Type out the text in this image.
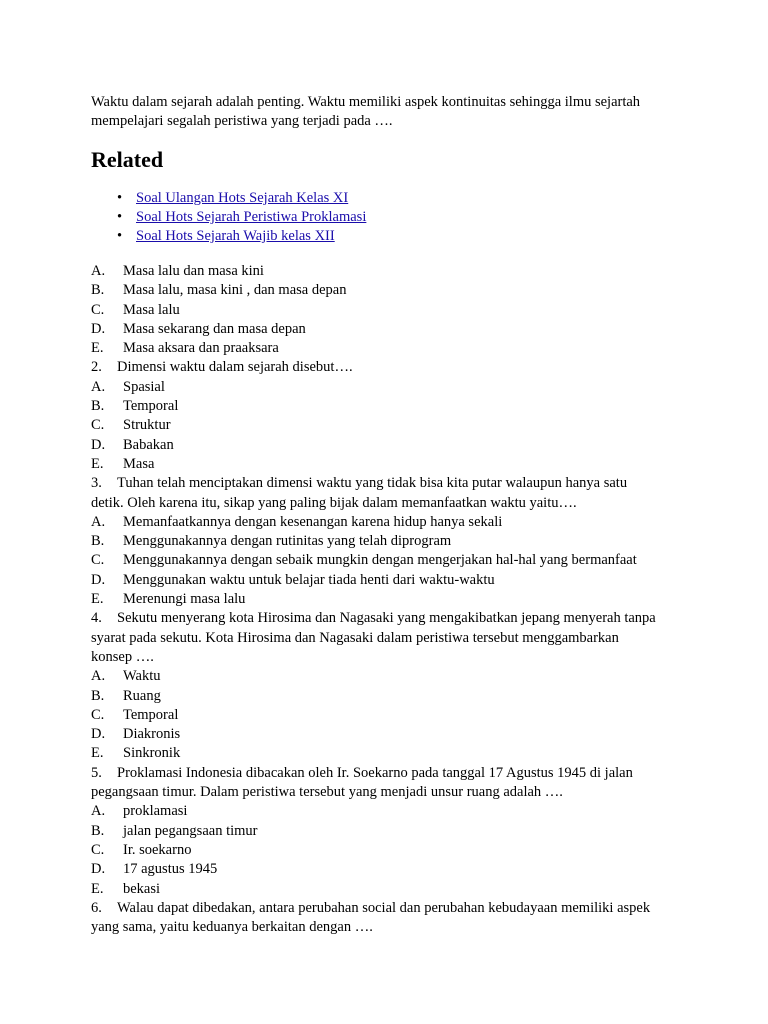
Waktu dalam sejarah adalah penting. Waktu memiliki aspek kontinuitas sehingga ilmu sejartah
mempelajari segalah peristiwa yang terjadi pada ….
Related
• Soal Ulangan Hots Sejarah Kelas XI
• Soal Hots Sejarah Peristiwa Proklamasi
• Soal Hots Sejarah Wajib kelas XII
A. Masa lalu dan masa kini
B. Masa lalu, masa kini , dan masa depan
C. Masa lalu
D. Masa sekarang dan masa depan
E. Masa aksara dan praaksara
2. Dimensi waktu dalam sejarah disebut….
A. Spasial
B. Temporal
C. Struktur
D. Babakan
E. Masa
3. Tuhan telah menciptakan dimensi waktu yang tidak bisa kita putar walaupun hanya satu
detik. Oleh karena itu, sikap yang paling bijak dalam memanfaatkan waktu yaitu….
A. Memanfaatkannya dengan kesenangan karena hidup hanya sekali
B. Menggunakannya dengan rutinitas yang telah diprogram
C. Menggunakannya dengan sebaik mungkin dengan mengerjakan hal-hal yang bermanfaat
D. Menggunakan waktu untuk belajar tiada henti dari waktu-waktu
E. Merenungi masa lalu
4. Sekutu menyerang kota Hirosima dan Nagasaki yang mengakibatkan jepang menyerah tanpa
syarat pada sekutu. Kota Hirosima dan Nagasaki dalam peristiwa tersebut menggambarkan
konsep ….
A. Waktu
B. Ruang
C. Temporal
D. Diakronis
E. Sinkronik
5. Proklamasi Indonesia dibacakan oleh Ir. Soekarno pada tanggal 17 Agustus 1945 di jalan
pegangsaan timur. Dalam peristiwa tersebut yang menjadi unsur ruang adalah ….
A. proklamasi
B. jalan pegangsaan timur
C. Ir. soekarno
D. 17 agustus 1945
E. bekasi
6. Walau dapat dibedakan, antara perubahan social dan perubahan kebudayaan memiliki aspek
yang sama, yaitu keduanya berkaitan dengan ….
